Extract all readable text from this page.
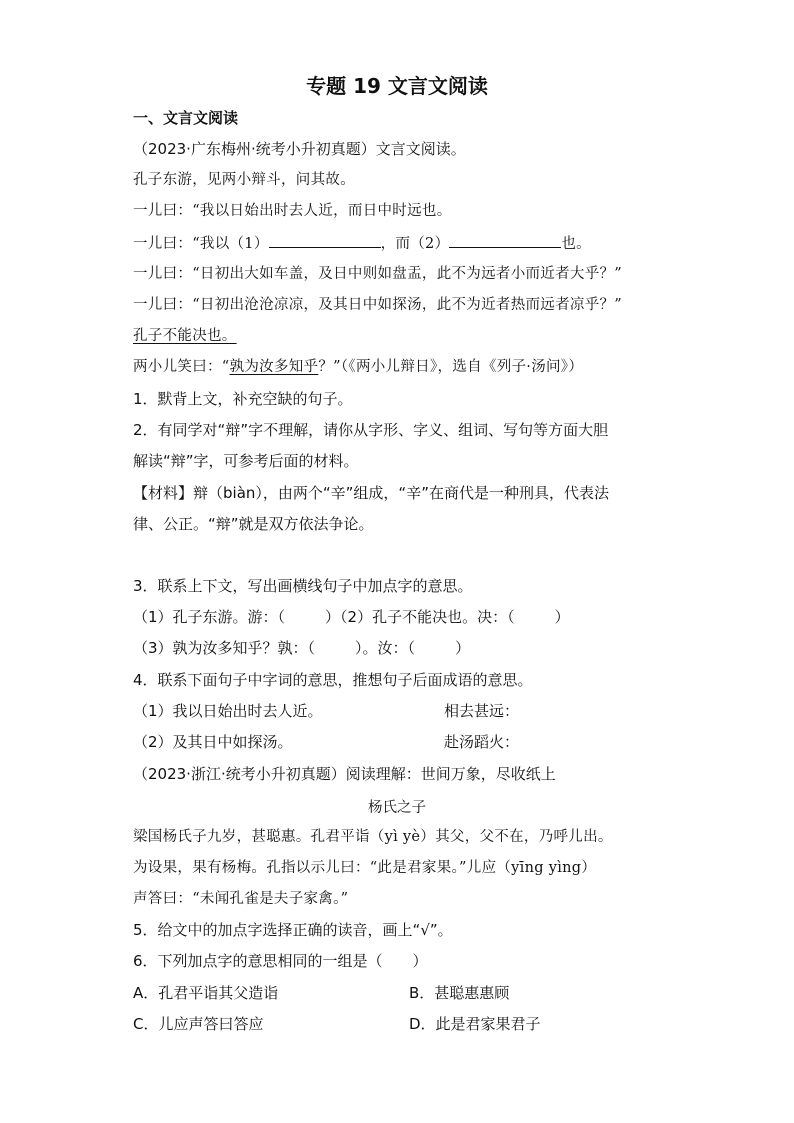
专题 19 文言文阅读
一、文言文阅读
（2023·广东梅州·统考小升初真题）文言文阅读。
孔子东游，见两小辩斗，问其故。
一儿曰：“我以日始出时去人近，而日中时远也。
一儿曰：“我以（1）	，而（2）	也。
一儿曰：“日初出大如车盖，及日中则如盘盂，此不为远者小而近者大乎？”
一儿曰：“日初出沧沧凉凉，及其日中如探汤，此不为近者热而远者凉乎？”
孔子不能决也。
两小儿笑曰：“孰为汝多知乎？”（《两小儿辩日》，选自《列子·汤问》）
1．默背上文，补充空缺的句子。
2．有同学对“辩”字不理解，请你从字形、字义、组词、写句等方面大胆
解读“辩”字，可参考后面的材料。
【材料】辩（biàn），由两个“辛”组成，“辛”在商代是一种刑具，代表法
律、公正。“辩”就是双方依法争论。
3．联系上下文，写出画横线句子中加点字的意思。
（1）孔子东游。游：（	）（2）孔子不能决也。决：（	）
（3）孰为汝多知乎？孰：（	）。汝：（	）
4．联系下面句子中字词的意思，推想句子后面成语的意思。
（1）我以日始出时去人近。	相去甚远：
（2）及其日中如探汤。	赴汤蹈火：
（2023·浙江·统考小升初真题）阅读理解：世间万象，尽收纸上
杨氏之子
梁国杨氏子九岁，甚聪惠。孔君平诣（yì yè）其父，父不在，乃呼儿出。
为设果，果有杨梅。孔指以示儿曰：“此是君家果。”儿应（yīng yìng）
声答曰：“未闻孔雀是夫子家禽。”
5．给文中的加点字选择正确的读音，画上“√”。
6．下列加点字的意思相同的一组是（　　）
A．孔君平诣其父造诣	B．甚聪惠惠顾
C．儿应声答曰答应	D．此是君家果君子
